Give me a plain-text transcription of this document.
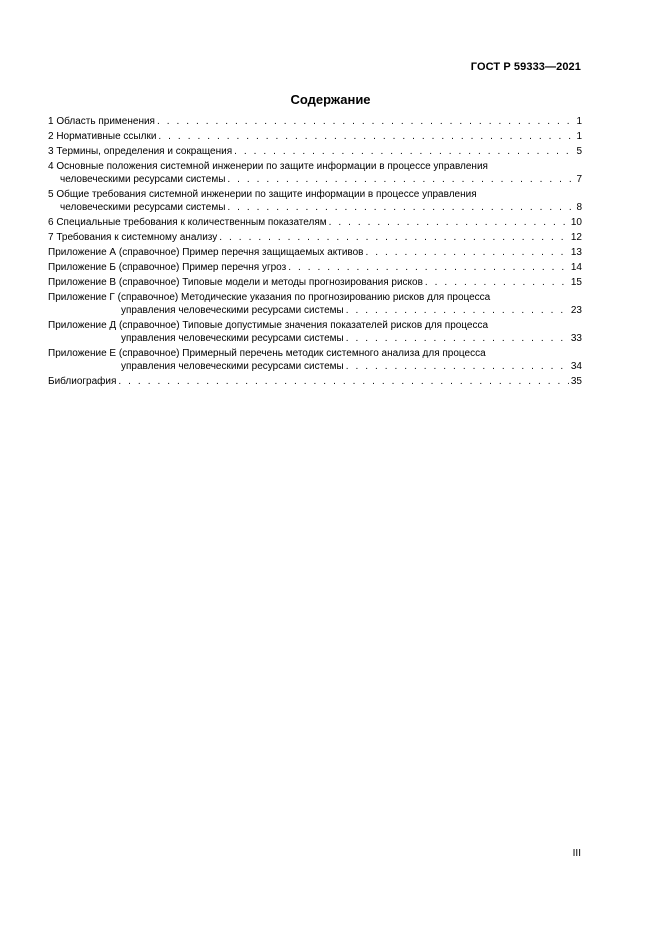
ГОСТ Р 59333—2021
Содержание
1 Область применения . . .	1
2 Нормативные ссылки . . .	1
3 Термины, определения и сокращения . . .	5
4 Основные положения системной инженерии по защите информации в процессе управления
человеческими ресурсами системы . . .	7
5 Общие требования системной инженерии по защите информации в процессе управления
человеческими ресурсами системы . . .	8
6 Специальные требования к количественным показателям . . .	10
7 Требования к системному анализу . . .	12
Приложение А (справочное) Пример перечня защищаемых активов . . .	13
Приложение Б (справочное) Пример перечня угроз . . .	14
Приложение В (справочное) Типовые модели и методы прогнозирования рисков . . .	15
Приложение Г (справочное) Методические указания по прогнозированию рисков для процесса
управления человеческими ресурсами системы . . .	23
Приложение Д (справочное) Типовые допустимые значения показателей рисков для процесса
управления человеческими ресурсами системы . . .	33
Приложение Е (справочное) Примерный перечень методик системного анализа для процесса
управления человеческими ресурсами системы . . .	34
Библиография . . .	35
III
